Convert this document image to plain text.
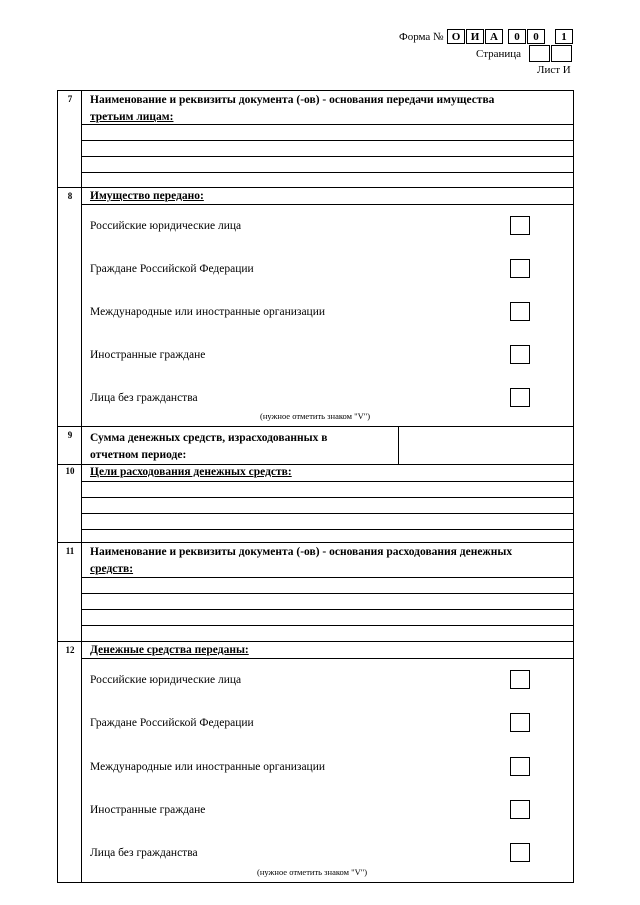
Форма № О И А	0	0	1
Страница
Лист И
7	Наименование и реквизиты документа (-ов) - основания передачи имущества
третьим лицам:
8	Имущество передано:
Российские юридические лица
Граждане Российской Федерации
Международные или иностранные организации
Иностранные граждане
Лица без гражданства
(нужное отметить знаком "V")
9	Сумма денежных средств, израсходованных в
отчетном периоде:
10	Цели расходования денежных средств:
11	Наименование и реквизиты документа (-ов) - основания расходования денежных
средств:
12	Денежные средства переданы:
Российские юридические лица
Граждане Российской Федерации
Международные или иностранные организации
Иностранные граждане
Лица без гражданства
(нужное отметить знаком "V")
